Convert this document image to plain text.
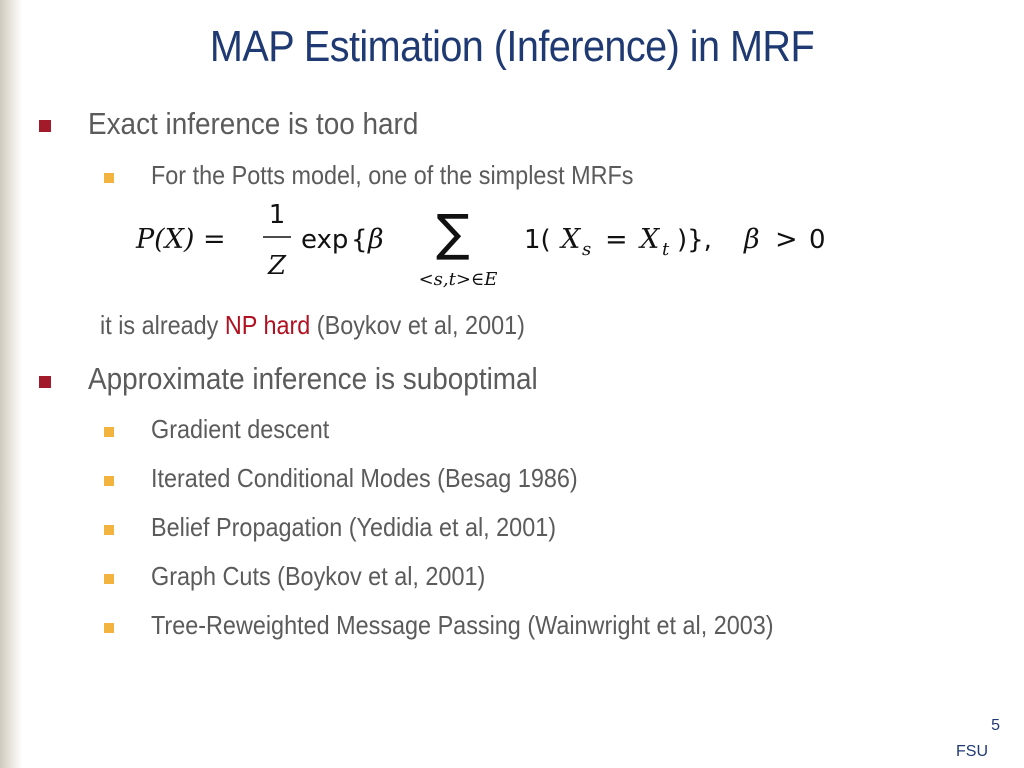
MAP Estimation (Inference) in MRF
Exact inference is too hard
For the Potts model, one of the simplest MRFs
P(X) =
1
Z
exp { β ∑
<s,t>∈E
1( X s = X t )}, β > 0
it is already NP hard (Boykov et al, 2001)
Approximate inference is suboptimal
Gradient descent
Iterated Conditional Modes (Besag 1986)
Belief Propagation (Yedidia et al, 2001)
Graph Cuts (Boykov et al, 2001)
Tree-Reweighted Message Passing (Wainwright et al, 2003)
5
FSU
